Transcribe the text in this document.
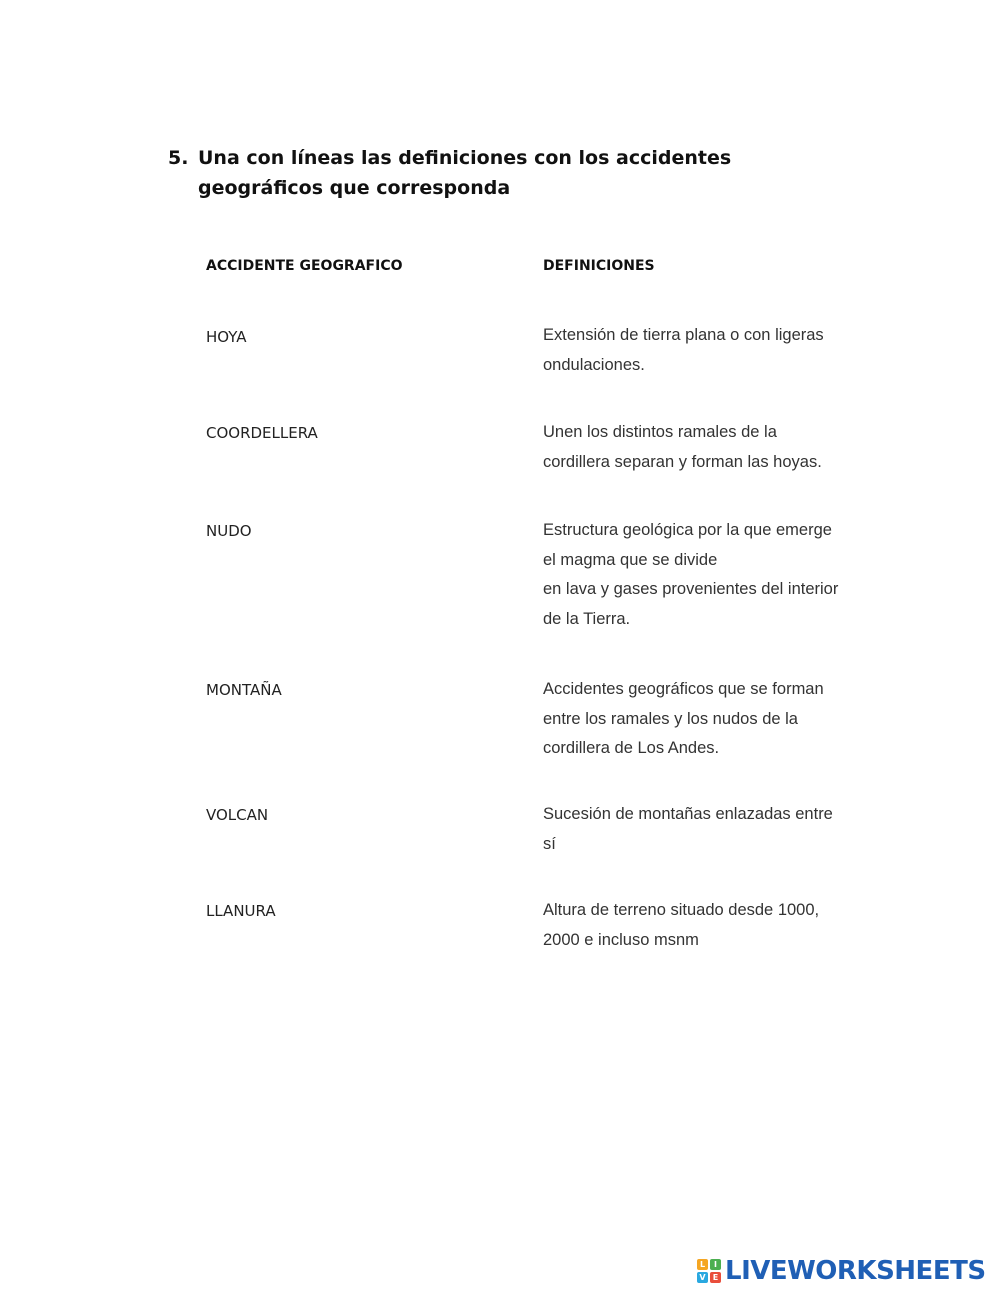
5. Una con líneas las definiciones con los accidentes geográficos que corresponda
ACCIDENTE GEOGRAFICO	DEFINICIONES
HOYA
COORDELLERA
NUDO
MONTAÑA
VOLCAN
LLANURA
Extensión de tierra plana o con ligeras
ondulaciones.
Unen los distintos ramales de la
cordillera separan y forman las hoyas.
Estructura geológica por la que emerge
el magma que se divide
en lava y gases provenientes del interior
de la Tierra.
Accidentes geográficos que se forman
entre los ramales y los nudos de la
cordillera de Los Andes.
Sucesión de montañas enlazadas entre
sí
Altura de terreno situado desde 1000,
2000 e incluso msnm
L	I
V E LIVEWORKSHEETS
